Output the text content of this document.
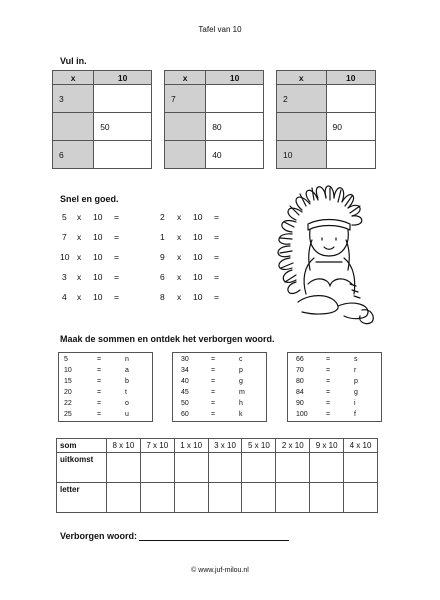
Tafel van 10
Vul in.
x	10
3	
	50
6	
x	10
7	
	80
	40
x	10
2	
	90
10	
Snel en goed.
5 x 10 =
7 x 10 =
10 x 10 =
3 x 10 =
4 x 10 =
2 x 10 =
1 x 10 =
9 x 10 =
6 x 10 =
8 x 10 =
Maak de sommen en ontdek het verborgen woord.
5	=	n
10	=	a
15	=	b
20	=	t
22	=	o
25	=	u
30	=	c
34	=	p
40	=	g
45	=	m
50	=	h
60	=	k
66	=	s
70	=	r
80	=	p
84	=	g
90	=	i
100	=	f
som	8 x 10	7 x 10	1 x 10	3 x 10	5 x 10	2 x 10	9 x 10	4 x 10
uitkomst								
letter								
Verborgen woord:
© www.juf-milou.nl
